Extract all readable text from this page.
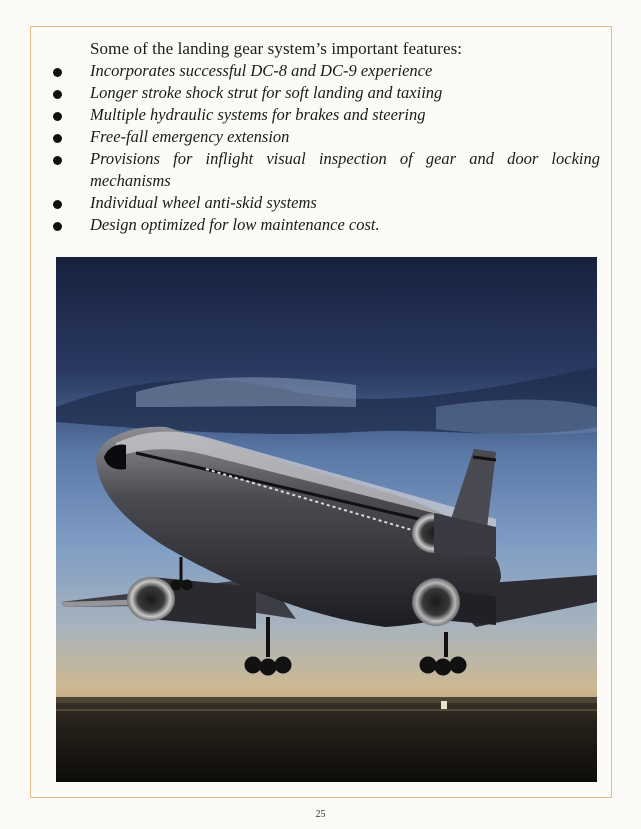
Some of the landing gear system’s important features:
Incorporates successful DC-8 and DC-9 experience
Longer stroke shock strut for soft landing and taxiing
Multiple hydraulic systems for brakes and steering
Free-fall emergency extension
Provisions for inflight visual inspection of gear and door locking mechanisms
Individual wheel anti-skid systems
Design optimized for low maintenance cost.
25
